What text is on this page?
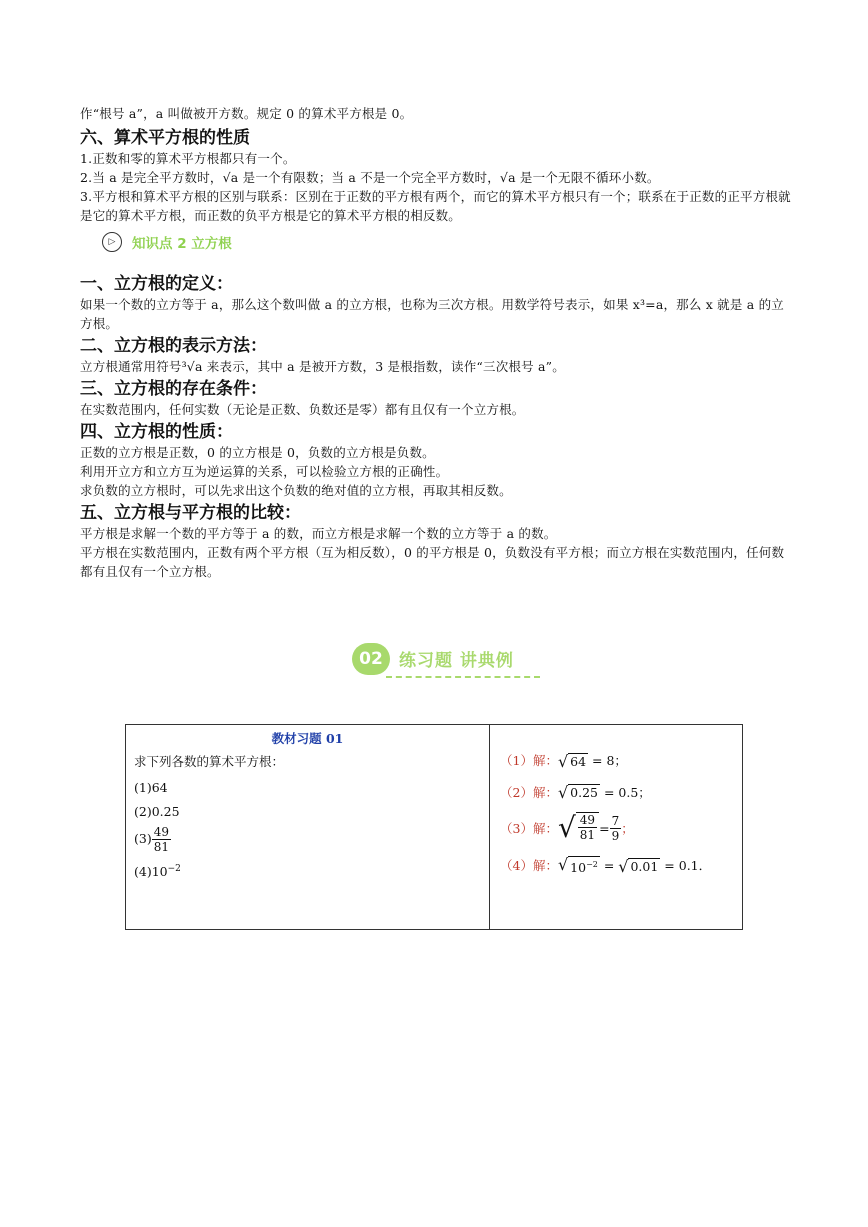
作“根号 a”，a 叫做被开方数。规定 0 的算术平方根是 0。

六、算术平方根的性质

1.正数和零的算术平方根都只有一个。

2.当 a 是完全平方数时，√a 是一个有限数；当 a 不是一个完全平方数时，√a 是一个无限不循环小数。

3.平方根和算术平方根的区别与联系：区别在于正数的平方根有两个，而它的算术平方根只有一个；联系在于正数的正平方根就是它的算术平方根，而正数的负平方根是它的算术平方根的相反数。

▷	知识点 2 立方根

一、立方根的定义：

如果一个数的立方等于 a，那么这个数叫做 a 的立方根，也称为三次方根。用数学符号表示，如果 x³=a，那么 x 就是 a 的立方根。

二、立方根的表示方法：

立方根通常用符号³√a 来表示，其中 a 是被开方数，3 是根指数，读作“三次根号 a”。

三、立方根的存在条件：

在实数范围内，任何实数（无论是正数、负数还是零）都有且仅有一个立方根。

四、立方根的性质：

正数的立方根是正数，0 的立方根是 0，负数的立方根是负数。

利用开立方和立方互为逆运算的关系，可以检验立方根的正确性。

求负数的立方根时，可以先求出这个负数的绝对值的立方根，再取其相反数。

五、立方根与平方根的比较：

平方根是求解一个数的平方等于 a 的数，而立方根是求解一个数的立方等于 a 的数。

平方根在实数范围内，正数有两个平方根（互为相反数），0 的平方根是 0，负数没有平方根；而立方根在实数范围内，任何数都有且仅有一个立方根。

02 练习题 讲典例
教材习题 01
求下列各数的算术平方根：
(1)64
(2)0.25
$(3) \frac{49}{81}$
$(4)10^{-2}$

（1）解： √ 64 = 8；
（2）解： √ 0.25 = 0.5；
（3）解： √ $\frac{49}{81} = \frac{7}{9}$ ；
（4）解： √ $10^{-2}$ = √ 0.01 = 0.1．
